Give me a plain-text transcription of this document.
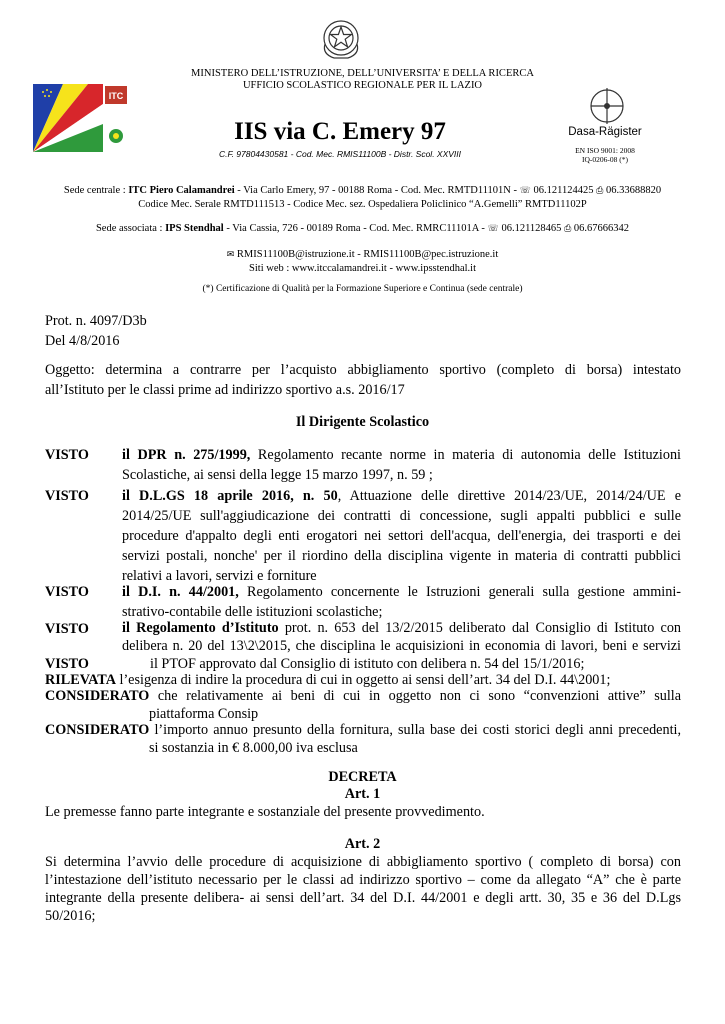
MINISTERO DELL’ISTRUZIONE, DELL’UNIVERSITA’ E DELLA RICERCA
UFFICIO SCOLASTICO REGIONALE PER IL LAZIO
ITC
IIS via C. Emery 97
C.F. 97804430581 - Cod. Mec. RMIS11100B - Distr. Scol. XXVIII
Dasa-Rägister
EN ISO 9001: 2008
IQ-0206-08 (*)
Sede centrale : ITC Piero Calamandrei - Via Carlo Emery, 97 - 00188 Roma - Cod. Mec. RMTD11101N - ☏ 06.121124425 ⎙ 06.33688820
Codice Mec. Serale RMTD111513 - Codice Mec. sez. Ospedaliera Policlinico “A.Gemelli” RMTD11102P
Sede associata : IPS Stendhal - Via Cassia, 726 - 00189 Roma - Cod. Mec. RMRC11101A - ☏ 06.121128465 ⎙ 06.67666342
✉ RMIS11100B@istruzione.it - RMIS11100B@pec.istruzione.it
Siti web : www.itccalamandrei.it - www.ipsstendhal.it
(*) Certificazione di Qualità per la Formazione Superiore e Continua (sede centrale)
Prot. n. 4097/D3b
Del 4/8/2016
Oggetto: determina a contrarre per l’acquisto abbigliamento sportivo (completo di borsa) intestato
all’Istituto per le classi prime ad indirizzo sportivo a.s. 2016/17
Il Dirigente Scolastico
VISTO il DPR n. 275/1999, Regolamento recante norme in materia di autonomia delle Istituzioni
Scolastiche, ai sensi della legge 15 marzo 1997, n. 59 ;
VISTO il D.L.GS 18 aprile 2016, n. 50, Attuazione delle direttive 2014/23/UE, 2014/24/UE e
2014/25/UE sull'aggiudicazione dei contratti di concessione, sugli appalti pubblici e sulle
procedure d'appalto degli enti erogatori nei settori dell'acqua, dell'energia, dei trasporti e dei
servizi postali, nonche' per il riordino della disciplina vigente in materia di contratti pubblici
relativi a lavori, servizi e forniture
VISTO il D.I. n. 44/2001, Regolamento concernente le Istruzioni generali sulla gestione ammini-
strativo-contabile delle istituzioni scolastiche;
VISTO il Regolamento d’Istituto prot. n. 653 del 13/2/2015 deliberato dal Consiglio di Istituto con
delibera n. 20 del 13\2\2015, che disciplina le acquisizioni in economia di lavori, beni e servizi
VISTO	il PTOF approvato dal Consiglio di istituto con delibera n. 54 del 15/1/2016;
RILEVATA l’esigenza di indire la procedura di cui in oggetto ai sensi dell’art. 34 del D.I. 44\2001;
CONSIDERATO che relativamente ai beni di cui in oggetto non ci sono “convenzioni attive” sulla
piattaforma Consip
CONSIDERATO l’importo annuo presunto della fornitura, sulla base dei costi storici degli anni precedenti,
si sostanzia in € 8.000,00 iva esclusa
DECRETA
Art. 1
Le premesse fanno parte integrante e sostanziale del presente provvedimento.
Art. 2
Si determina l’avvio delle procedure di acquisizione di abbigliamento sportivo ( completo di borsa) con
l’intestazione dell’istituto necessario per le classi ad indirizzo sportivo – come da allegato “A” che è parte
integrante della presente delibera- ai sensi dell’art. 34 del D.I. 44/2001 e degli artt. 30, 35 e 36 del D.Lgs
50/2016;
